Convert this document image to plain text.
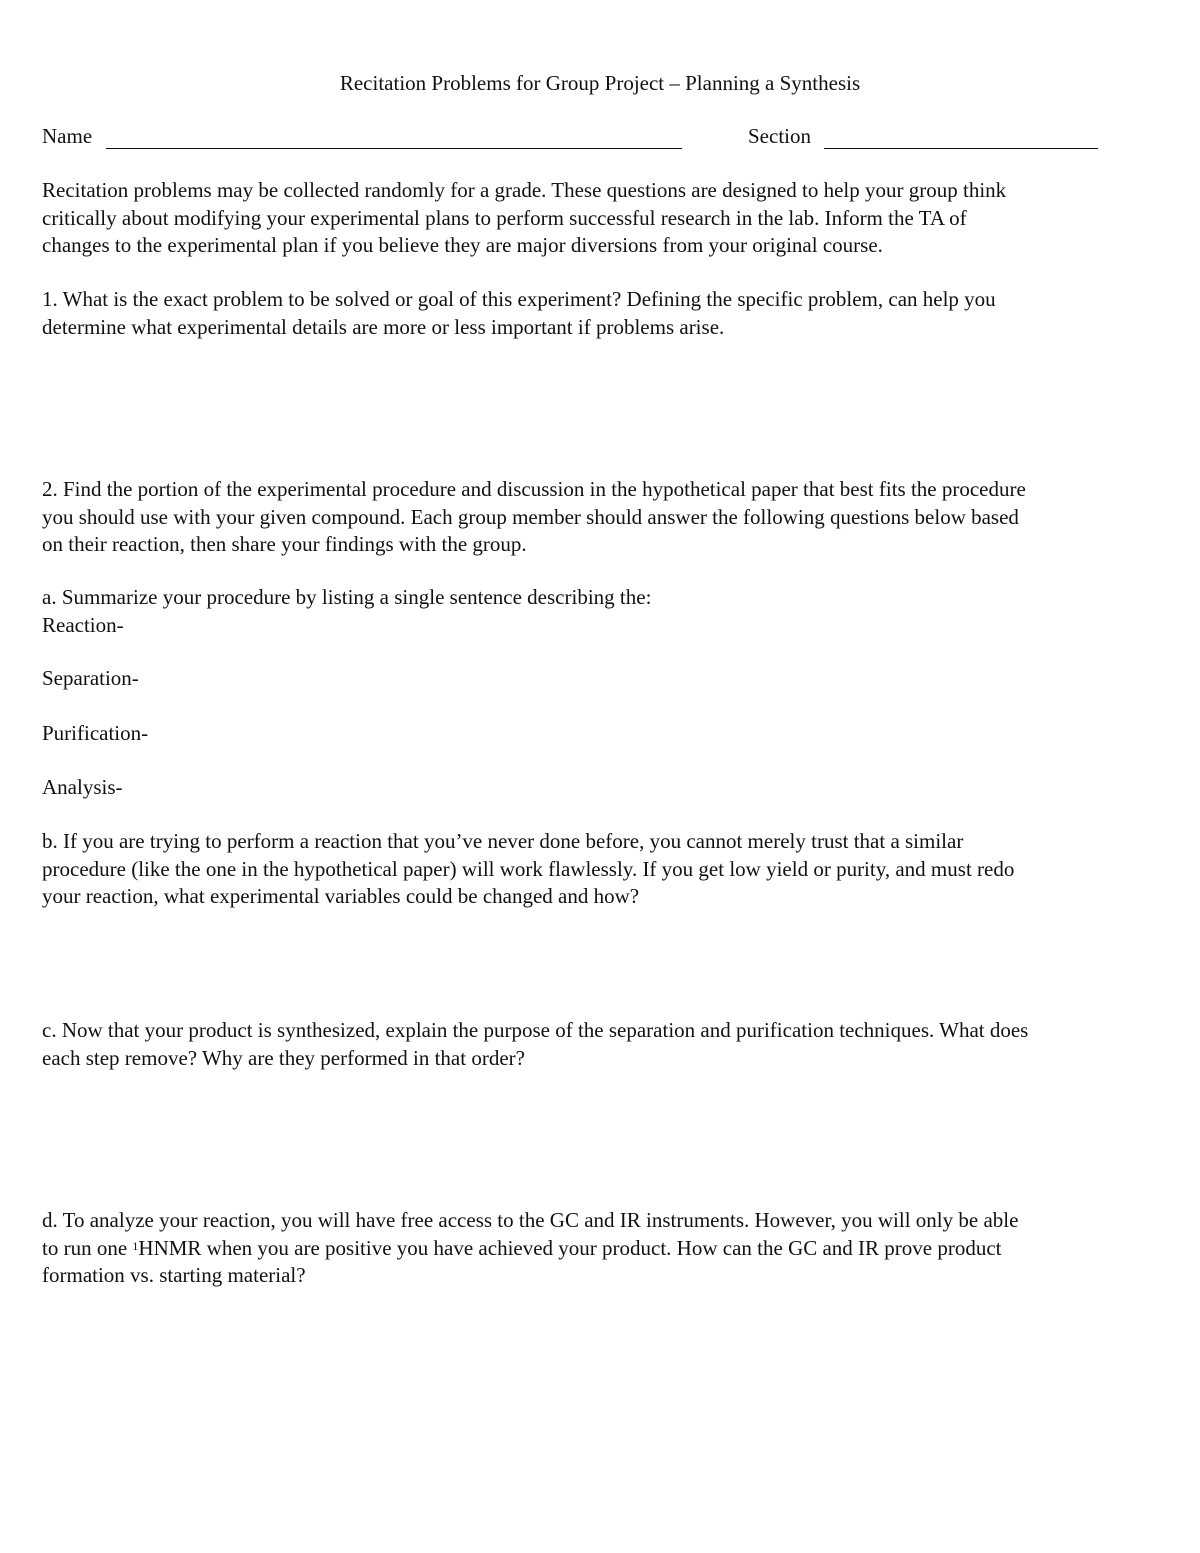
Recitation Problems for Group Project – Planning a Synthesis
Name	Section
Recitation problems may be collected randomly for a grade. These questions are designed to help your group think
critically about modifying your experimental plans to perform successful research in the lab. Inform the TA of
changes to the experimental plan if you believe they are major diversions from your original course.
1. What is the exact problem to be solved or goal of this experiment? Defining the specific problem, can help you
determine what experimental details are more or less important if problems arise.
2. Find the portion of the experimental procedure and discussion in the hypothetical paper that best fits the procedure
you should use with your given compound. Each group member should answer the following questions below based
on their reaction, then share your findings with the group.
a. Summarize your procedure by listing a single sentence describing the:
Reaction-
Separation-
Purification-
Analysis-
b. If you are trying to perform a reaction that you’ve never done before, you cannot merely trust that a similar
procedure (like the one in the hypothetical paper) will work flawlessly. If you get low yield or purity, and must redo
your reaction, what experimental variables could be changed and how?
c. Now that your product is synthesized, explain the purpose of the separation and purification techniques. What does
each step remove? Why are they performed in that order?
d. To analyze your reaction, you will have free access to the GC and IR instruments. However, you will only be able
to run one $^1$HNMR when you are positive you have achieved your product. How can the GC and IR prove product
formation vs. starting material?
